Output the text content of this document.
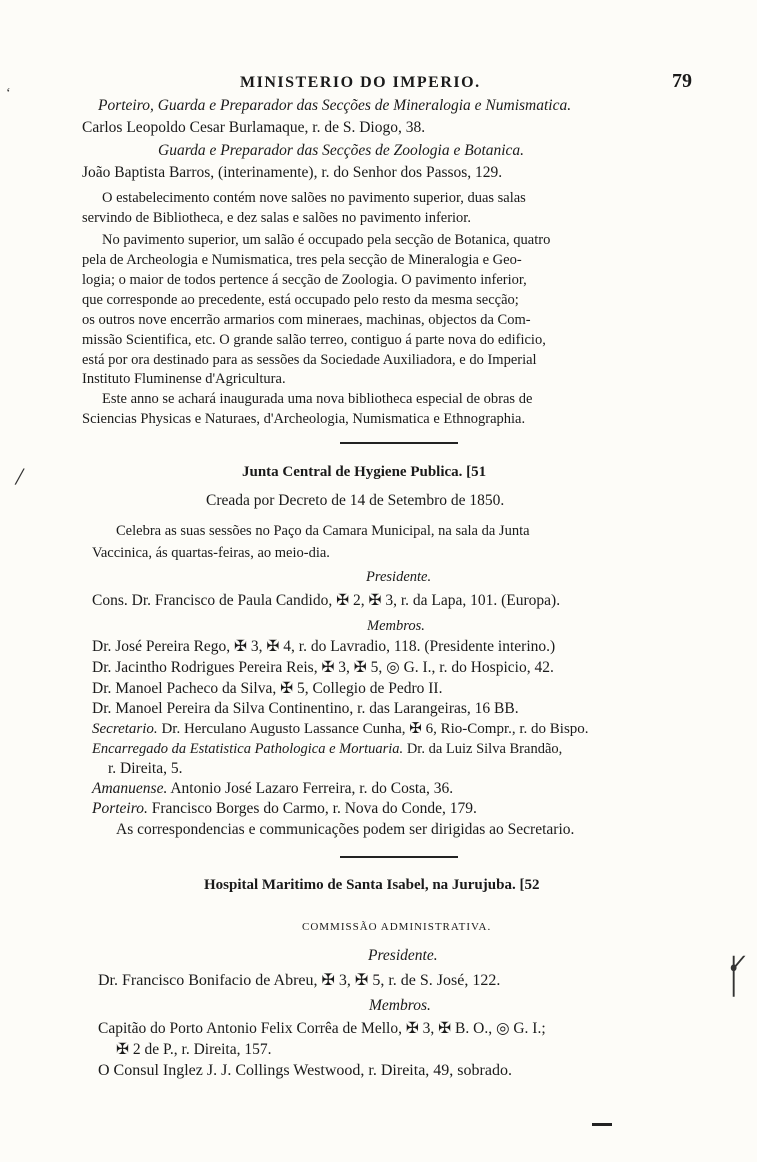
MINISTERIO DO IMPERIO.	79
Porteiro, Guarda e Preparador das Secções de Mineralogia e Numismatica.
Carlos Leopoldo Cesar Burlamaque, r. de S. Diogo, 38.
Guarda e Preparador das Secções de Zoologia e Botanica.
João Baptista Barros, (interinamente), r. do Senhor dos Passos, 129.
O estabelecimento contém nove salões no pavimento superior, duas salas
servindo de Bibliotheca, e dez salas e salões no pavimento inferior.
No pavimento superior, um salão é occupado pela secção de Botanica, quatro
pela de Archeologia e Numismatica, tres pela secção de Mineralogia e Geo-
logia; o maior de todos pertence á secção de Zoologia. O pavimento inferior,
que corresponde ao precedente, está occupado pelo resto da mesma secção;
os outros nove encerrão armarios com mineraes, machinas, objectos da Com-
missão Scientifica, etc. O grande salão terreo, contiguo á parte nova do edificio,
está por ora destinado para as sessões da Sociedade Auxiliadora, e do Imperial
Instituto Fluminense d'Agricultura.
Este anno se achará inaugurada uma nova bibliotheca especial de obras de
Sciencias Physicas e Naturaes, d'Archeologia, Numismatica e Ethnographia.
Junta Central de Hygiene Publica. [51
Creada por Decreto de 14 de Setembro de 1850.
Celebra as suas sessões no Paço da Camara Municipal, na sala da Junta
Vaccinica, ás quartas-feiras, ao meio-dia.
Presidente.
Cons. Dr. Francisco de Paula Candido, ✠ 2, ✠ 3, r. da Lapa, 101. (Europa).
Membros.
Dr. José Pereira Rego, ✠ 3, ✠ 4, r. do Lavradio, 118. (Presidente interino.)
Dr. Jacintho Rodrigues Pereira Reis, ✠ 3, ✠ 5, ◎ G. I., r. do Hospicio, 42.
Dr. Manoel Pacheco da Silva, ✠ 5, Collegio de Pedro II.
Dr. Manoel Pereira da Silva Continentino, r. das Larangeiras, 16 BB.
Secretario. Dr. Herculano Augusto Lassance Cunha, ✠ 6, Rio-Compr., r. do Bispo.
Encarregado da Estatistica Pathologica e Mortuaria. Dr. da Luiz Silva Brandão,
r. Direita, 5.
Amanuense. Antonio José Lazaro Ferreira, r. do Costa, 36.
Porteiro. Francisco Borges do Carmo, r. Nova do Conde, 179.
As correspondencias e communicações podem ser dirigidas ao Secretario.
Hospital Maritimo de Santa Isabel, na Jurujuba. [52
COMMISSÃO ADMINISTRATIVA.
Presidente.
Dr. Francisco Bonifacio de Abreu, ✠ 3, ✠ 5, r. de S. José, 122.
Membros.
Capitão do Porto Antonio Felix Corrêa de Mello, ✠ 3, ✠ B. O., ◎ G. I.;
✠ 2 de P., r. Direita, 157.
O Consul Inglez J. J. Collings Westwood, r. Direita, 49, sobrado.
‘
/
ᚶ
